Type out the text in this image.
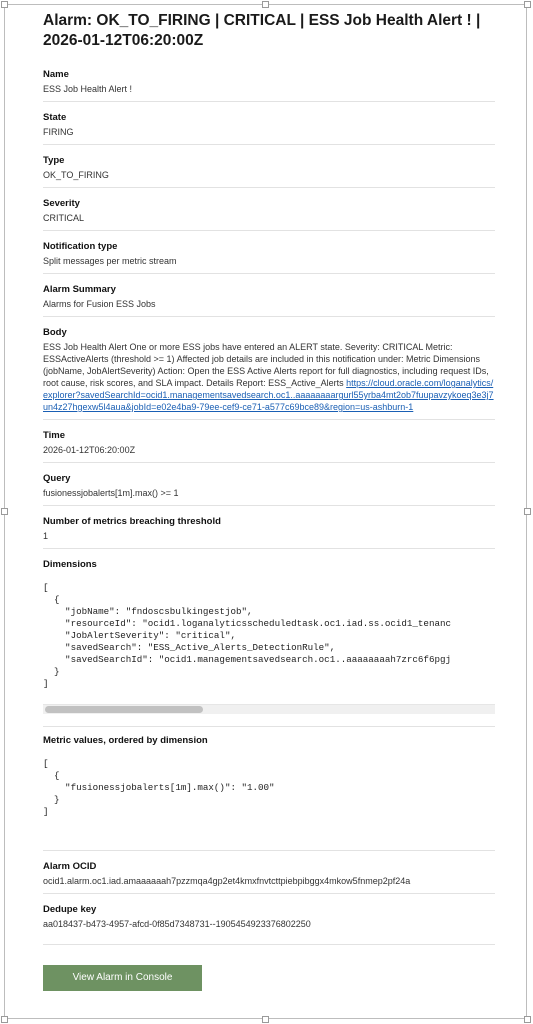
Alarm: OK_TO_FIRING | CRITICAL | ESS Job Health Alert ! | 2026-01-12T06:20:00Z
Name
ESS Job Health Alert !
State
FIRING
Type
OK_TO_FIRING
Severity
CRITICAL
Notification type
Split messages per metric stream
Alarm Summary
Alarms for Fusion ESS Jobs
Body
ESS Job Health Alert One or more ESS jobs have entered an ALERT state. Severity: CRITICAL Metric: ESSActiveAlerts (threshold >= 1) Affected job details are included in this notification under: Metric Dimensions (jobName, JobAlertSeverity) Action: Open the ESS Active Alerts report for full diagnostics, including request IDs, root cause, risk scores, and SLA impact. Details Report: ESS_Active_Alerts https://cloud.oracle.com/loganalytics/explorer?savedSearchId=ocid1.managementsavedsearch.oc1..aaaaaaaargurl55yrba4mt2ob7fuupavzykoeq3e3j7un4z27hgexw5l4aua&jobId=e02e4ba9-79ee-cef9-ce71-a577c69bce89&region=us-ashburn-1
Time
2026-01-12T06:20:00Z
Query
fusionessjobalerts[1m].max() >= 1
Number of metrics breaching threshold
1
Dimensions
[
{
"jobName": "fndoscsbulkingestjob",
"resourceId": "ocid1.loganalyticsscheduledtask.oc1.iad.ss.ocid1_tenanc
"JobAlertSeverity": "critical",
"savedSearch": "ESS_Active_Alerts_DetectionRule",
"savedSearchId": "ocid1.managementsavedsearch.oc1..aaaaaaaah7zrc6f6pgj
}
]
Metric values, ordered by dimension
[
{
"fusionessjobalerts[1m].max()": "1.00"
}
]
Alarm OCID
ocid1.alarm.oc1.iad.amaaaaaah7pzzmqa4gp2et4kmxfnvtcttpiebpibggx4mkow5fnmep2pf24a
Dedupe key
aa018437-b473-4957-afcd-0f85d7348731--1905454923376802250
View Alarm in Console
